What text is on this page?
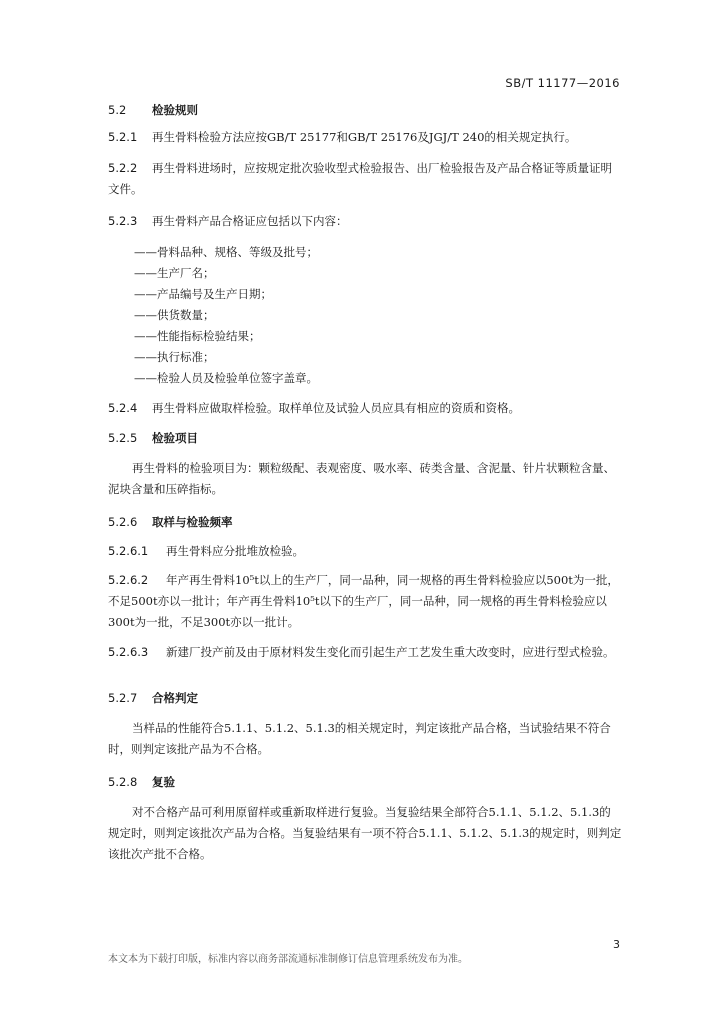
SB/T 11177—2016
5.2 检验规则
5.2.1 再生骨料检验方法应按GB/T 25177和GB/T 25176及JGJ/T 240的相关规定执行。
5.2.2 再生骨料进场时，应按规定批次验收型式检验报告、出厂检验报告及产品合格证等质量证明文件。
5.2.3 再生骨料产品合格证应包括以下内容：
——骨料品种、规格、等级及批号；
——生产厂名；
——产品编号及生产日期；
——供货数量；
——性能指标检验结果；
——执行标准；
——检验人员及检验单位签字盖章。
5.2.4 再生骨料应做取样检验。取样单位及试验人员应具有相应的资质和资格。
5.2.5 检验项目
再生骨料的检验项目为：颗粒级配、表观密度、吸水率、砖类含量、含泥量、针片状颗粒含量、泥块含量和压碎指标。
5.2.6 取样与检验频率
5.2.6.1 再生骨料应分批堆放检验。
5.2.6.2 年产再生骨料10⁵t以上的生产厂，同一品种，同一规格的再生骨料检验应以500t为一批，不足500t亦以一批计；年产再生骨料10⁵t以下的生产厂，同一品种，同一规格的再生骨料检验应以300t为一批，不足300t亦以一批计。
5.2.6.3 新建厂投产前及由于原材料发生变化而引起生产工艺发生重大改变时，应进行型式检验。
5.2.7 合格判定
当样品的性能符合5.1.1、5.1.2、5.1.3的相关规定时，判定该批产品合格，当试验结果不符合时，则判定该批产品为不合格。
5.2.8 复验
对不合格产品可利用原留样或重新取样进行复验。当复验结果全部符合5.1.1、5.1.2、5.1.3的规定时，则判定该批次产品为合格。当复验结果有一项不符合5.1.1、5.1.2、5.1.3的规定时，则判定该批次产批不合格。
3
本文本为下载打印版，标准内容以商务部流通标准制修订信息管理系统发布为准。
